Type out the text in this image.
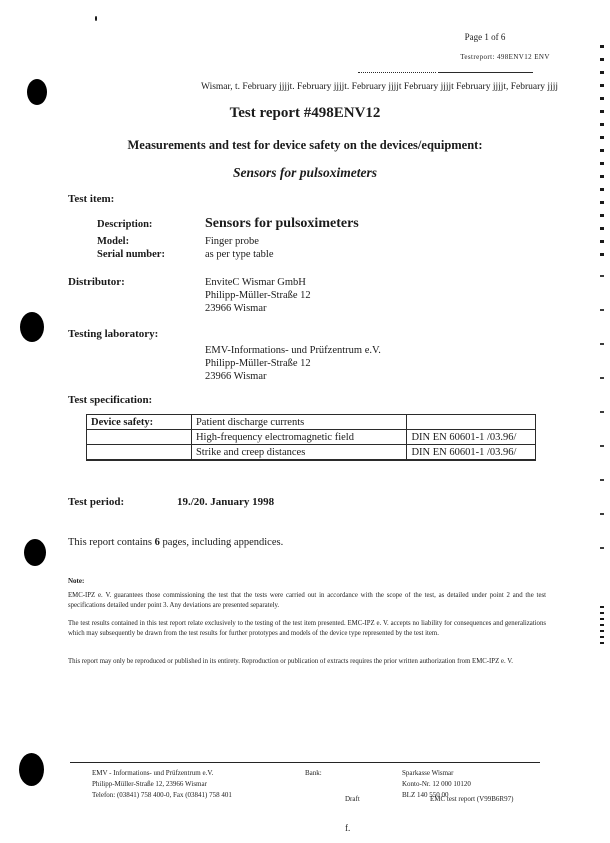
Page 1 of 6
Testreport: 498ENV12 ENV
Wismar, t. February jjjjt. February jjjjt. February jjjjt February jjjjt February jjjjt, February jjjj
Test report #498ENV12
Measurements and test for device safety on the devices/equipment:
Sensors for pulsoximeters
Test item:
Description:	Sensors for pulsoximeters
Model:	Finger probe
Serial number:	as per type table
Distributor:	EnviteC Wismar GmbH
Philipp-Müller-Straße 12
23966 Wismar
Testing laboratory:
EMV-Informations- und Prüfzentrum e.V.
Philipp-Müller-Straße 12
23966 Wismar
Test specification:
Device safety:	Patient discharge currents	
	High-frequency electromagnetic field	DIN EN 60601-1 /03.96/
	Strike and creep distances	DIN EN 60601-1 /03.96/
Test period:	19./20. January 1998
This report contains 6 pages, including appendices.
Note:
EMC-IPZ e. V. guarantees those commissioning the test that the tests were carried out in accordance with the scope of the test, as detailed under point 2 and the test specifications detailed under point 3. Any deviations are presented separately.
The test results contained in this test report relate exclusively to the testing of the test item presented. EMC-IPZ e. V. accepts no liability for consequences and generalizations which may subsequently be drawn from the test results for further prototypes and models of the device type represented by the test item.
This report may only be reproduced or published in its entirety. Reproduction or publication of extracts requires the prior written authorization from EMC-IPZ e. V.
EMV - Informations- und Prüfzentrum e.V.
Philipp-Müller-Straße 12, 23966 Wismar
Telefon: (03841) 758 400-0, Fax (03841) 758 401
Bank:	Sparkasse Wismar
Konto-Nr. 12 000 10120
BLZ 140 550 00
Draft	EMC test report (V99B6R97)
f.
